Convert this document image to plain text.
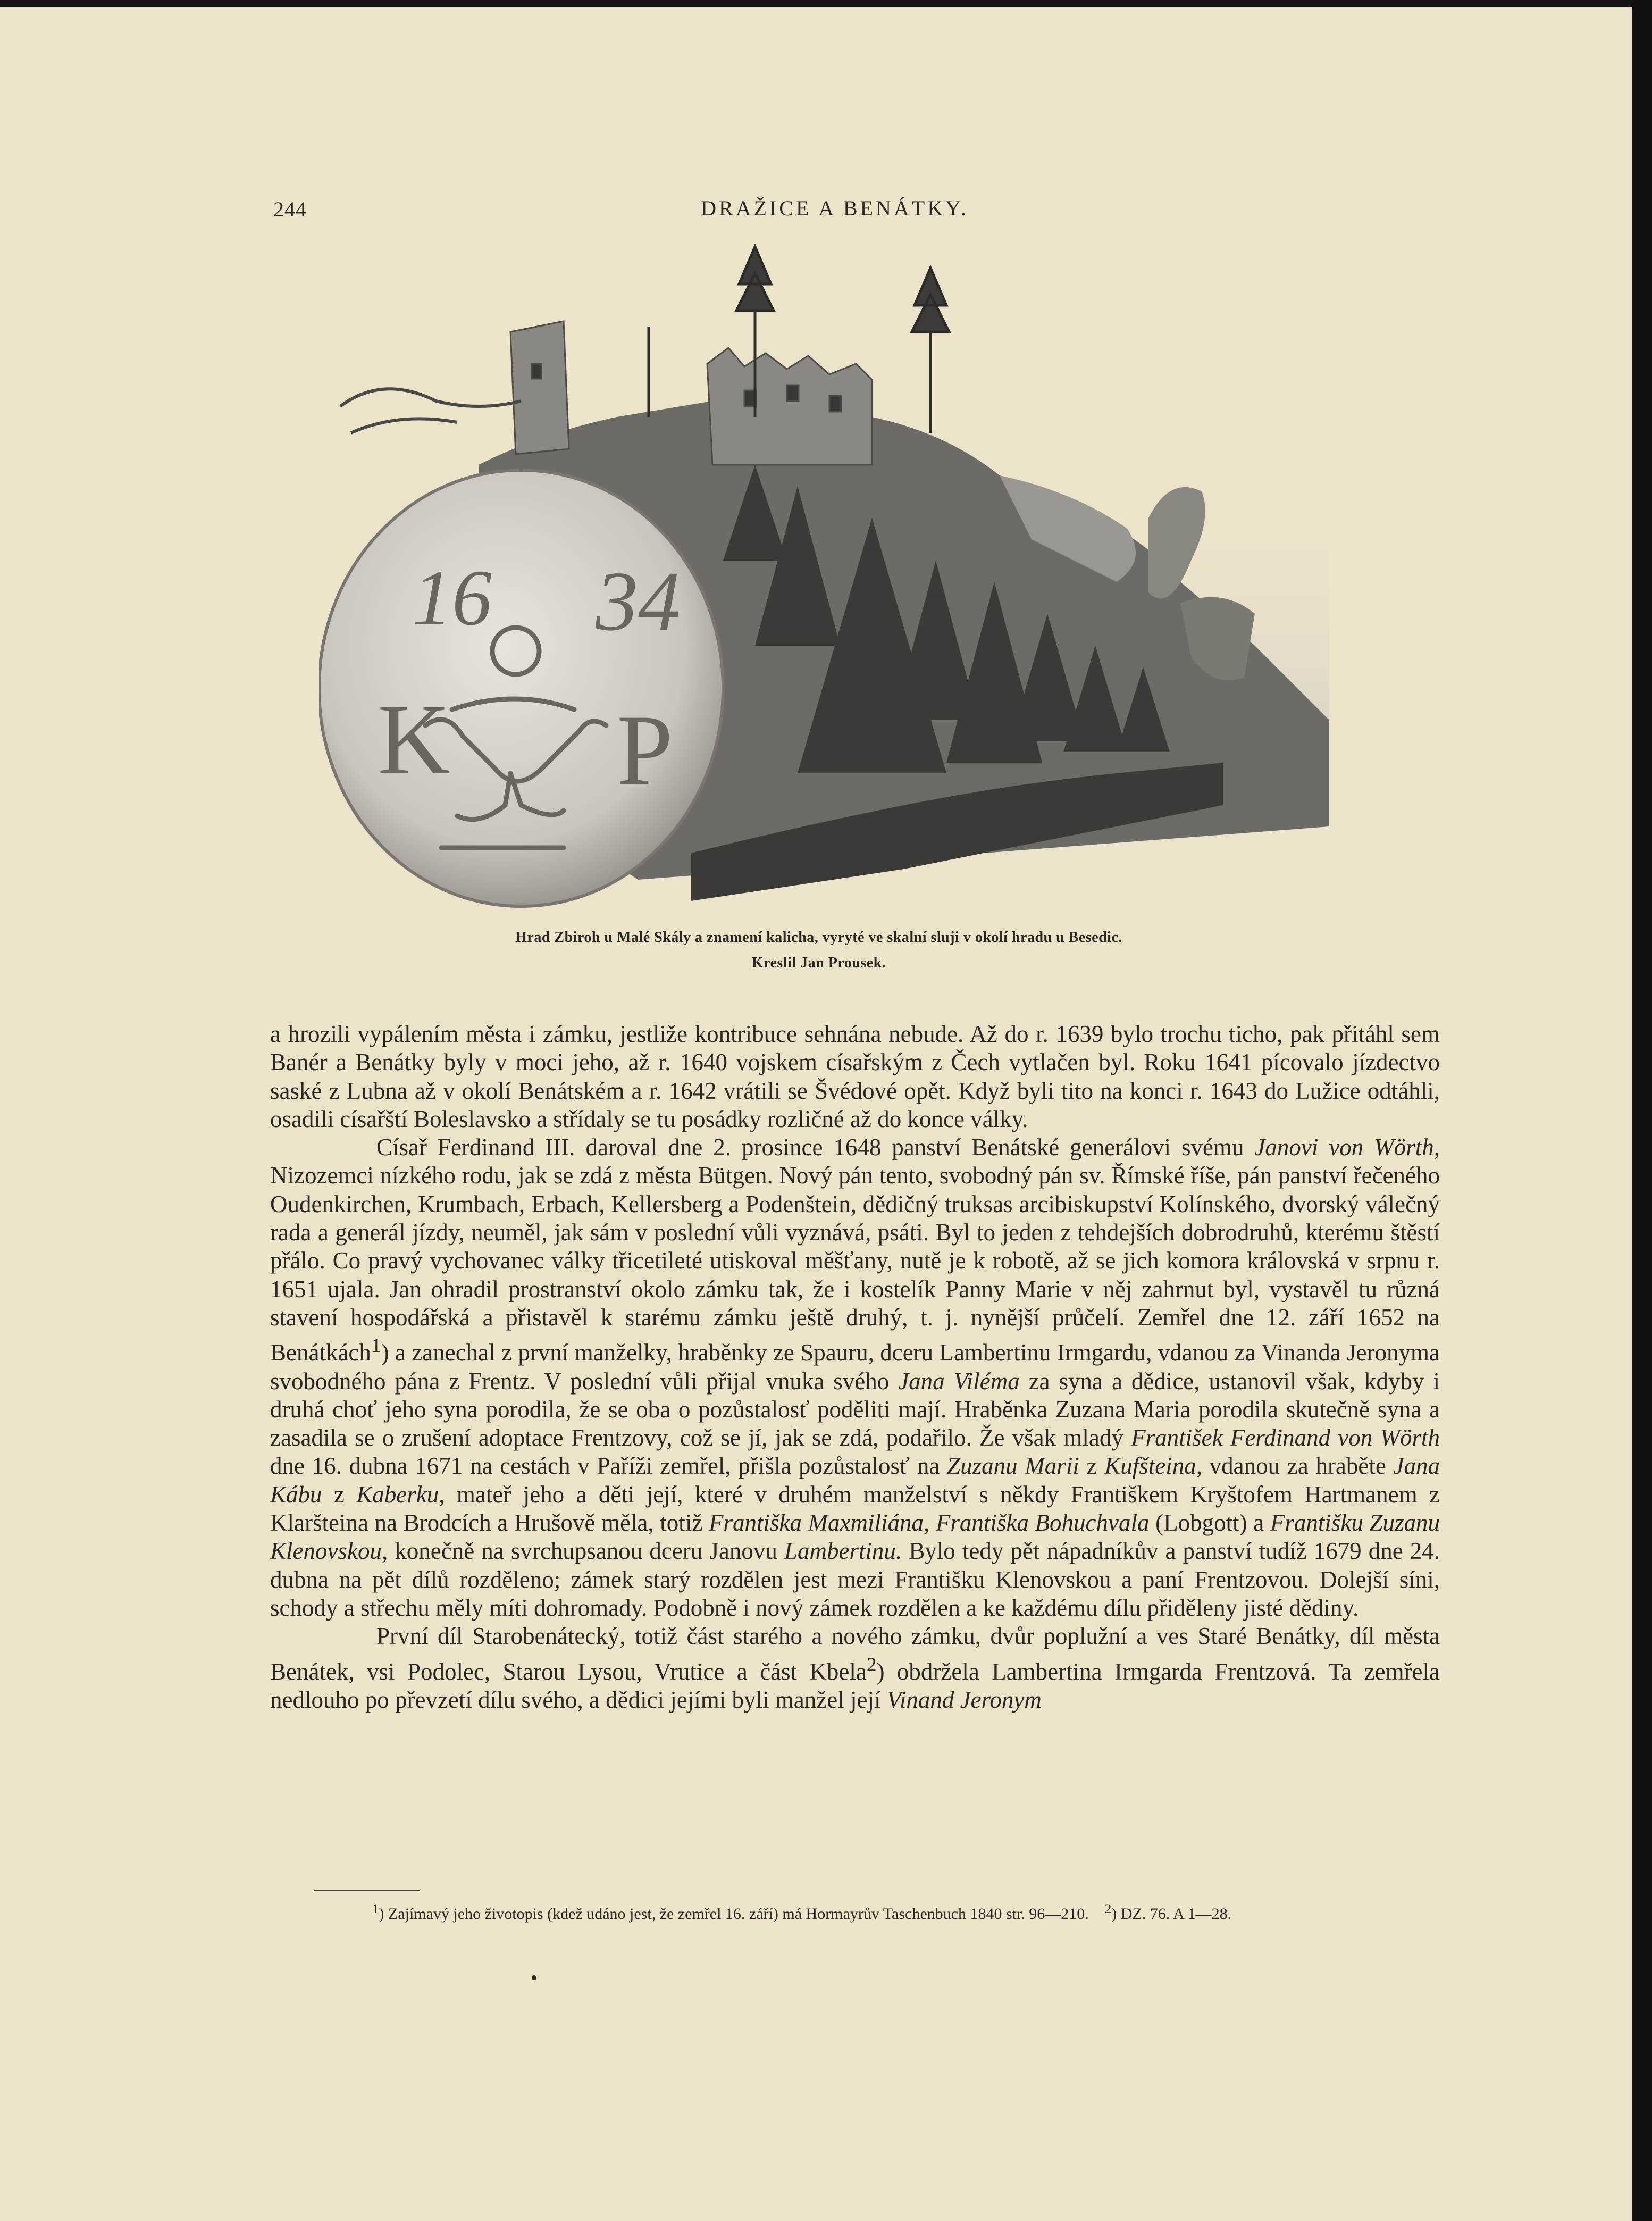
244	DRAŽICE A BENÁTKY.
16 34
K P
Hrad Zbiroh u Malé Skály a znamení kalicha, vyryté ve skalní sluji v okolí hradu u Besedic.
Kreslil Jan Prousek.

a hrozili vypálením města i zámku, jestliže kontribuce sehnána nebude. Až do r. 1639 bylo trochu ticho, pak přitáhl sem Banér a Benátky byly v moci jeho, až r. 1640 vojskem císařským z Čech vytlačen byl. Roku 1641 pícovalo jízdectvo saské z Lubna až v okolí Benátském a r. 1642 vrátili se Švédové opět. Když byli tito na konci r. 1643 do Lužice odtáhli, osadili císařští Boleslavsko a střídaly se tu posádky rozličné až do konce války.

Císař Ferdinand III. daroval dne 2. prosince 1648 panství Benátské generálovi svému Janovi von Wörth, Nizozemci nízkého rodu, jak se zdá z města Bütgen. Nový pán tento, svobodný pán sv. Římské říše, pán panství řečeného Oudenkirchen, Krumbach, Erbach, Kellersberg a Podenštein, dědičný truksas arcibiskupství Kolínského, dvorský válečný rada a generál jízdy, neuměl, jak sám v poslední vůli vyznává, psáti. Byl to jeden z tehdejších dobrodruhů, kterému štěstí přálo. Co pravý vychovanec války třicetileté utiskoval měšťany, nutě je k robotě, až se jich komora královská v srpnu r. 1651 ujala. Jan ohradil prostranství okolo zámku tak, že i kostelík Panny Marie v něj zahrnut byl, vystavěl tu různá stavení hospodářská a přistavěl k starému zámku ještě druhý, t. j. nynější průčelí. Zemřel dne 12. září 1652 na Benátkách$^1$) a zanechal z první manželky, hraběnky ze Spauru, dceru Lambertinu Irmgardu, vdanou za Vinanda Jeronyma svobodného pána z Frentz. V poslední vůli přijal vnuka svého Jana Viléma za syna a dědice, ustanovil však, kdyby i druhá choť jeho syna porodila, že se oba o pozůstalosť poděliti mají. Hraběnka Zuzana Maria porodila skutečně syna a zasadila se o zrušení adoptace Frentzovy, což se jí, jak se zdá, podařilo. Že však mladý František Ferdinand von Wörth dne 16. dubna 1671 na cestách v Paříži zemřel, přišla pozůstalosť na Zuzanu Marii z Kufšteina, vdanou za hraběte Jana Kábu z Kaberku, mateř jeho a děti její, které v druhém manželství s někdy Františkem Kryštofem Hartmanem z Klaršteina na Brodcích a Hrušově měla, totiž Františka Maxmiliána, Františka Bohuchvala (Lobgott) a Františku Zuzanu Klenovskou, konečně na svrchupsanou dceru Janovu Lambertinu. Bylo tedy pět nápadníkův a panství tudíž 1679 dne 24. dubna na pět dílů rozděleno; zámek starý rozdělen jest mezi Františku Klenovskou a paní Frentzovou. Dolejší síni, schody a střechu měly míti dohromady. Podobně i nový zámek rozdělen a ke každému dílu přiděleny jisté dědiny.

První díl Starobenátecký, totiž část starého a nového zámku, dvůr poplužní a ves Staré Benátky, díl města Benátek, vsi Podolec, Starou Lysou, Vrutice a část Kbela$^2$) obdržela Lambertina Irmgarda Frentzová. Ta zemřela nedlouho po převzetí dílu svého, a dědici jejími byli manžel její Vinand Jeronym

$^1$) Zajímavý jeho životopis (kdež udáno jest, že zemřel 16. září) má Hormayrův Taschenbuch 1840 str. 96—210. $^2$) DZ. 76. A 1—28.
